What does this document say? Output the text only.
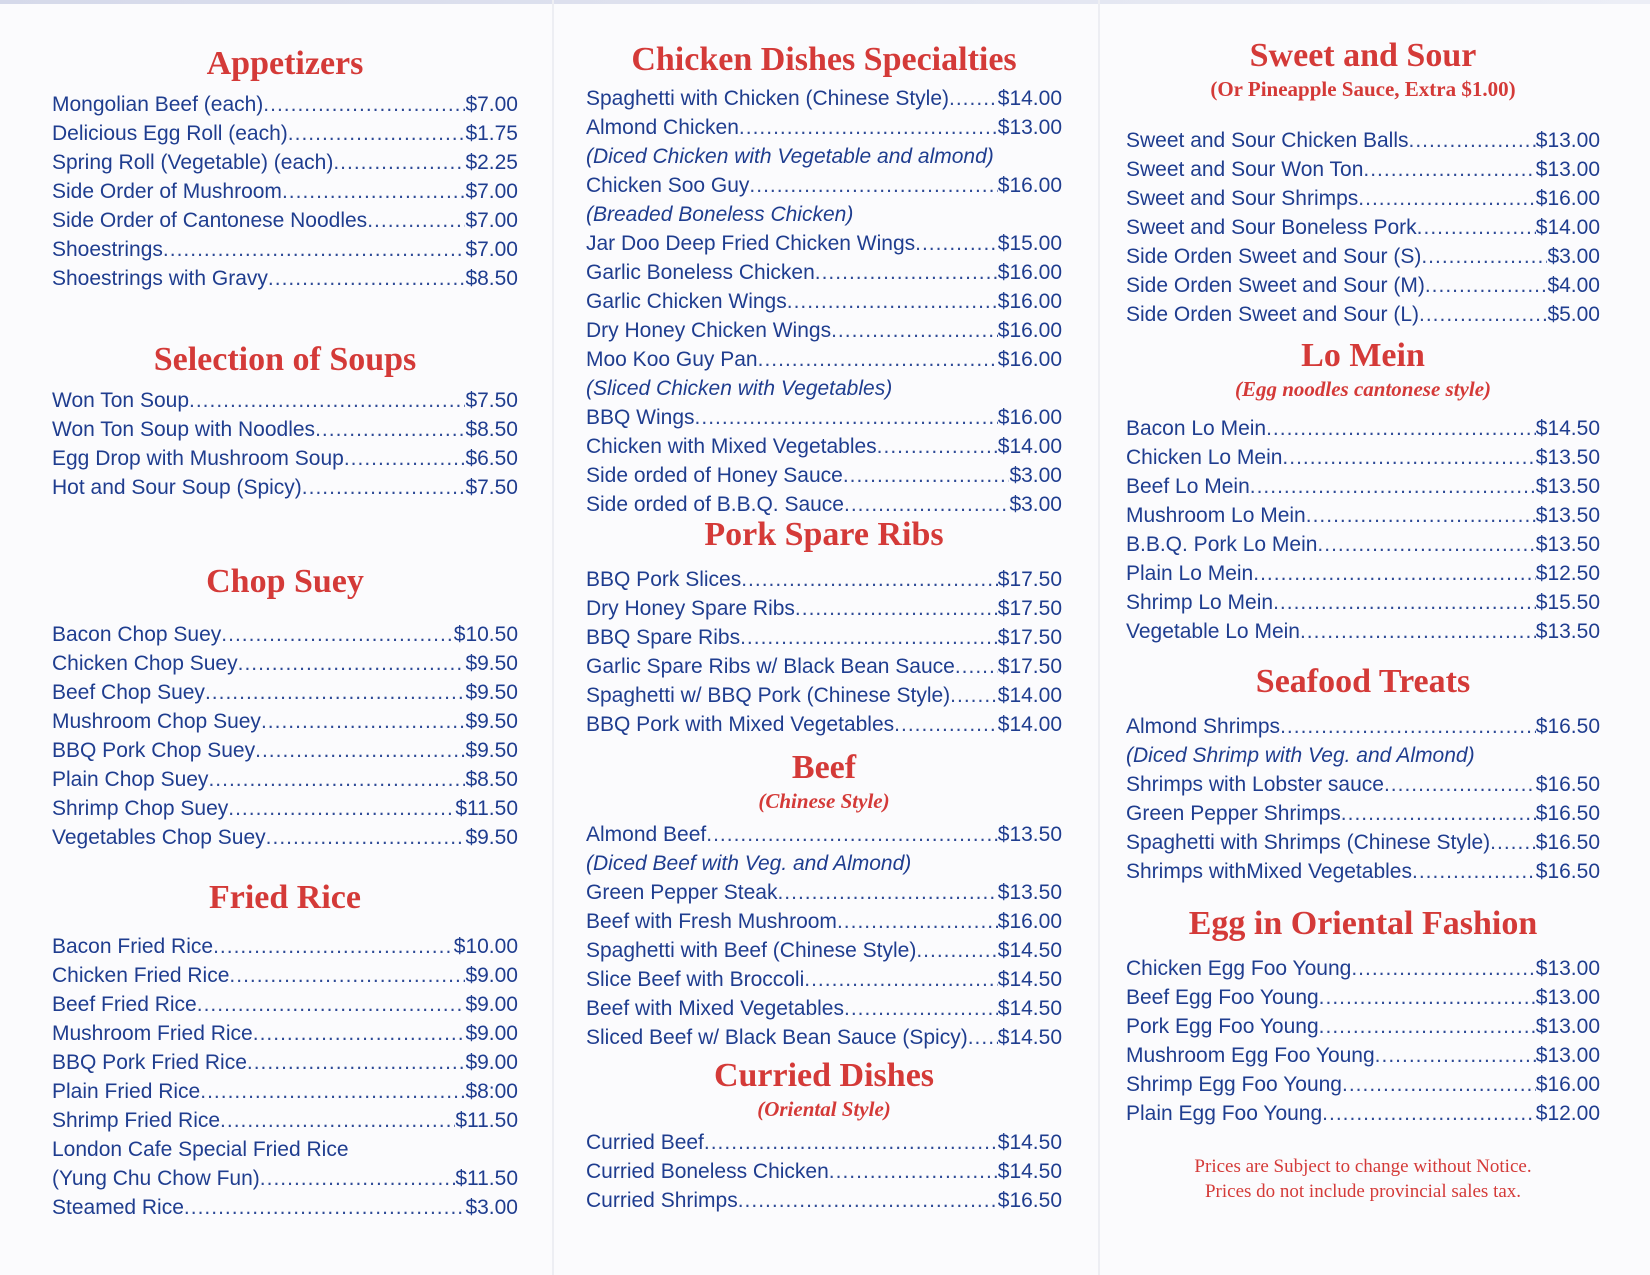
Appetizers
Mongolian Beef (each) .....	$7.00
Delicious Egg Roll (each) .....	$1.75
Spring Roll (Vegetable) (each) .....	$2.25
Side Order of Mushroom .....	$7.00
Side Order of Cantonese Noodles .....	$7.00
Shoestrings .....	$7.00
Shoestrings with Gravy .....	$8.50
Selection of Soups
Won Ton Soup .....	$7.50
Won Ton Soup with Noodles .....	$8.50
Egg Drop with Mushroom Soup .....	$6.50
Hot and Sour Soup (Spicy) .....	$7.50
Chop Suey
Bacon Chop Suey .....	$10.50
Chicken Chop Suey .....	$9.50
Beef Chop Suey .....	$9.50
Mushroom Chop Suey .....	$9.50
BBQ Pork Chop Suey .....	$9.50
Plain Chop Suey .....	$8.50
Shrimp Chop Suey .....	$11.50
Vegetables Chop Suey .....	$9.50
Fried Rice
Bacon Fried Rice .....	$10.00
Chicken Fried Rice .....	$9.00
Beef Fried Rice .....	$9.00
Mushroom Fried Rice .....	$9.00
BBQ Pork Fried Rice .....	$9.00
Plain Fried Rice .....	$8:00
Shrimp Fried Rice .....	$11.50
London Cafe Special Fried Rice
(Yung Chu Chow Fun) .....	$11.50
Steamed Rice .....	$3.00
Chicken Dishes Specialties
Spaghetti with Chicken (Chinese Style) ..... $14.00
Almond Chicken .....	$13.00
(Diced Chicken with Vegetable and almond)
Chicken Soo Guy .....	$16.00
(Breaded Boneless Chicken)
Jar Doo Deep Fried Chicken Wings .....	$15.00
Garlic Boneless Chicken .....	$16.00
Garlic Chicken Wings .....	$16.00
Dry Honey Chicken Wings .....	$16.00
Moo Koo Guy Pan .....	$16.00
(Sliced Chicken with Vegetables)
BBQ Wings .....	$16.00
Chicken with Mixed Vegetables .....	$14.00
Side orded of Honey Sauce .....	$3.00
Side orded of B.B.Q. Sauce .....	$3.00
Pork Spare Ribs
BBQ Pork Slices .....	$17.50
Dry Honey Spare Ribs .....	$17.50
BBQ Spare Ribs .....	$17.50
Garlic Spare Ribs w/ Black Bean Sauce ..... $17.50
Spaghetti w/ BBQ Pork (Chinese Style) ..... $14.00
BBQ Pork with Mixed Vegetables .....	$14.00
Beef
(Chinese Style)
Almond Beef .....	$13.50
(Diced Beef with Veg. and Almond)
Green Pepper Steak .....	$13.50
Beef with Fresh Mushroom .....	$16.00
Spaghetti with Beef (Chinese Style) .....	$14.50
Slice Beef with Broccoli .....	$14.50
Beef with Mixed Vegetables .....	$14.50
Sliced Beef w/ Black Bean Sauce (Spicy) ..... $14.50
Curried Dishes
(Oriental Style)
Curried Beef .....	$14.50
Curried Boneless Chicken .....	$14.50
Curried Shrimps .....	$16.50
Sweet and Sour
(Or Pineapple Sauce, Extra $1.00)
Sweet and Sour Chicken Balls .....	$13.00
Sweet and Sour Won Ton .....	$13.00
Sweet and Sour Shrimps .....	$16.00
Sweet and Sour Boneless Pork .....	$14.00
Side Orden Sweet and Sour (S) .....	$3.00
Side Orden Sweet and Sour (M) .....	$4.00
Side Orden Sweet and Sour (L) .....	$5.00
Lo Mein
(Egg noodles cantonese style)
Bacon Lo Mein .....	$14.50
Chicken Lo Mein .....	$13.50
Beef Lo Mein .....	$13.50
Mushroom Lo Mein .....	$13.50
B.B.Q. Pork Lo Mein .....	$13.50
Plain Lo Mein .....	$12.50
Shrimp Lo Mein .....	$15.50
Vegetable Lo Mein .....	$13.50
Seafood Treats
Almond Shrimps .....	$16.50
(Diced Shrimp with Veg. and Almond)
Shrimps with Lobster sauce .....	$16.50
Green Pepper Shrimps .....	$16.50
Spaghetti with Shrimps (Chinese Style) ..... $16.50
Shrimps withMixed Vegetables .....	$16.50
Egg in Oriental Fashion
Chicken Egg Foo Young .....	$13.00
Beef Egg Foo Young .....	$13.00
Pork Egg Foo Young .....	$13.00
Mushroom Egg Foo Young .....	$13.00
Shrimp Egg Foo Young .....	$16.00
Plain Egg Foo Young .....	$12.00
Prices are Subject to change without Notice.
Prices do not include provincial sales tax.
